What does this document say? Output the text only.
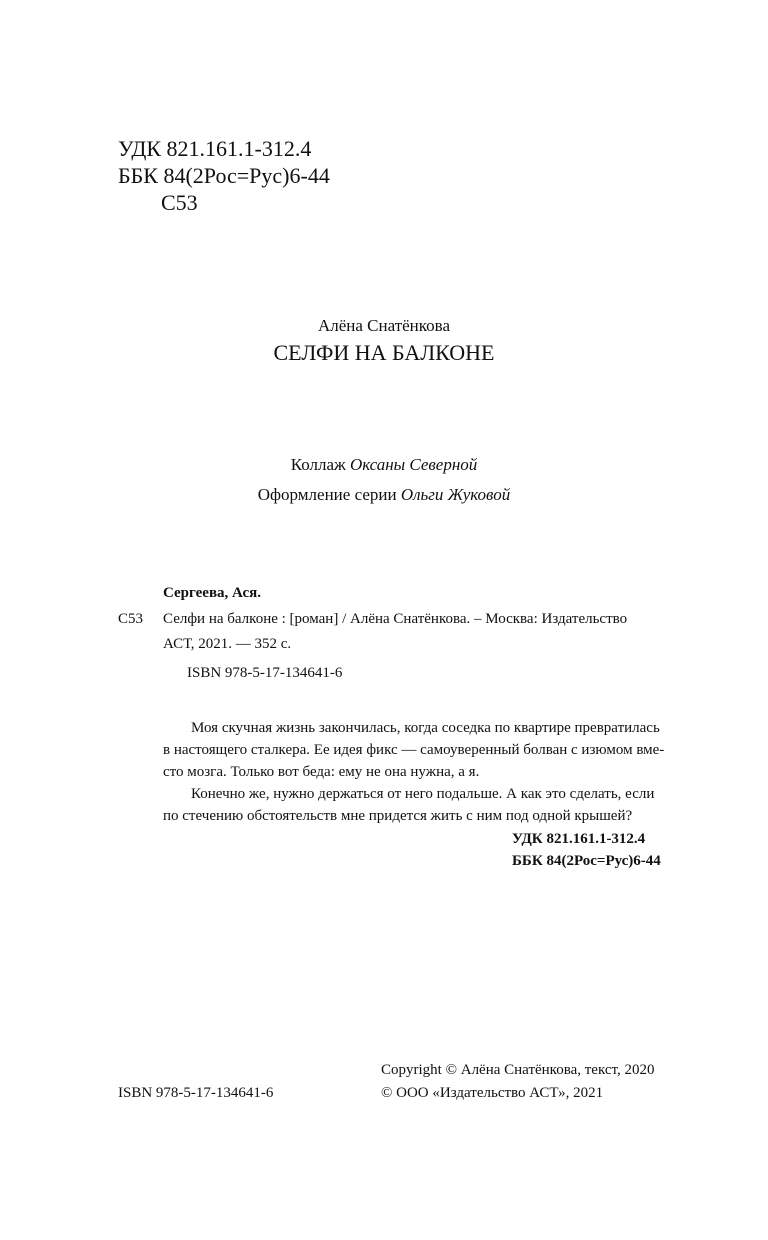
УДК 821.161.1-312.4
ББК 84(2Рос=Рус)6-44
С53
Алёна Снатёнкова
СЕЛФИ НА БАЛКОНЕ
Коллаж Оксаны Северной
Оформление серии Ольги Жуковой
Сергеева, Ася.
С53 Селфи на балконе : [роман] / Алёна Снатёнкова. – Москва: Издательство
АСТ, 2021. — 352 с.
ISBN 978-5-17-134641-6

Моя скучная жизнь закончилась, когда соседка по квартире превратилась

в настоящего сталкера. Ее идея фикс — самоуверенный болван с изюмом вме-

сто мозга. Только вот беда: ему не она нужна, а я.

Конечно же, нужно держаться от него подальше. А как это сделать, если

по стечению обстоятельств мне придется жить с ним под одной крышей?

УДК 821.161.1-312.4
ББК 84(2Рос=Рус)6-44
Copyright © Алёна Снатёнкова, текст, 2020
ISBN 978-5-17-134641-6	© ООО «Издательство АСТ», 2021
